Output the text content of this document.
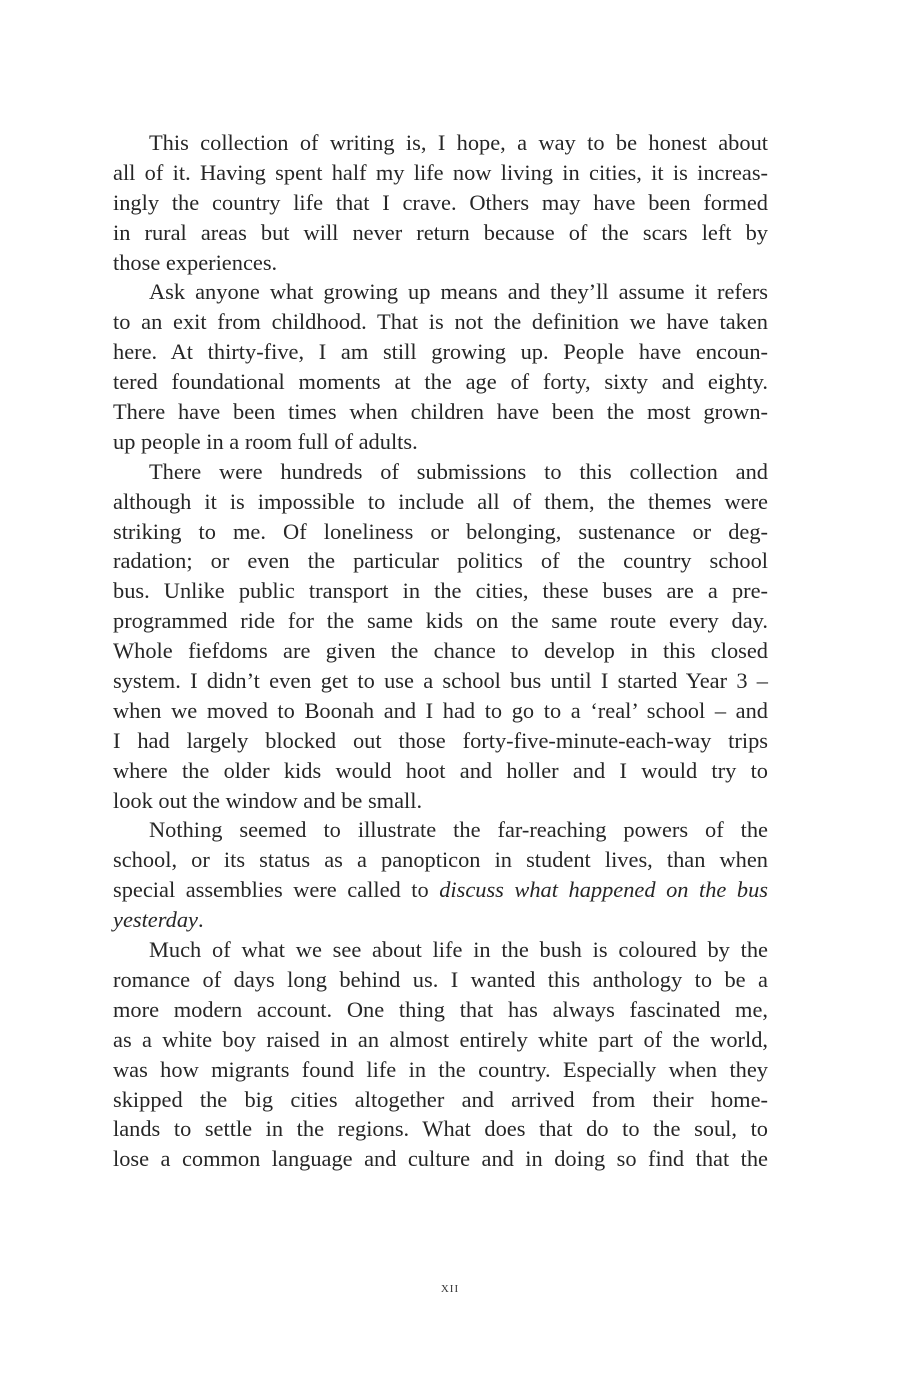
This collection of writing is, I hope, a way to be honest about
all of it. Having spent half my life now living in cities, it is increas-
ingly the country life that I crave. Others may have been formed
in rural areas but will never return because of the scars left by
those experiences.
Ask anyone what growing up means and they’ll assume it refers
to an exit from childhood. That is not the definition we have taken
here. At thirty-five, I am still growing up. People have encoun-
tered foundational moments at the age of forty, sixty and eighty.
There have been times when children have been the most grown-
up people in a room full of adults.
There were hundreds of submissions to this collection and
although it is impossible to include all of them, the themes were
striking to me. Of loneliness or belonging, sustenance or deg-
radation; or even the particular politics of the country school
bus. Unlike public transport in the cities, these buses are a pre-
programmed ride for the same kids on the same route every day.
Whole fiefdoms are given the chance to develop in this closed
system. I didn’t even get to use a school bus until I started Year 3 –
when we moved to Boonah and I had to go to a ‘real’ school – and
I had largely blocked out those forty-five-minute-each-way trips
where the older kids would hoot and holler and I would try to
look out the window and be small.
Nothing seemed to illustrate the far-reaching powers of the
school, or its status as a panopticon in student lives, than when
special assemblies were called to discuss what happened on the bus
yesterday.
Much of what we see about life in the bush is coloured by the
romance of days long behind us. I wanted this anthology to be a
more modern account. One thing that has always fascinated me,
as a white boy raised in an almost entirely white part of the world,
was how migrants found life in the country. Especially when they
skipped the big cities altogether and arrived from their home-
lands to settle in the regions. What does that do to the soul, to
lose a common language and culture and in doing so find that the
xii
